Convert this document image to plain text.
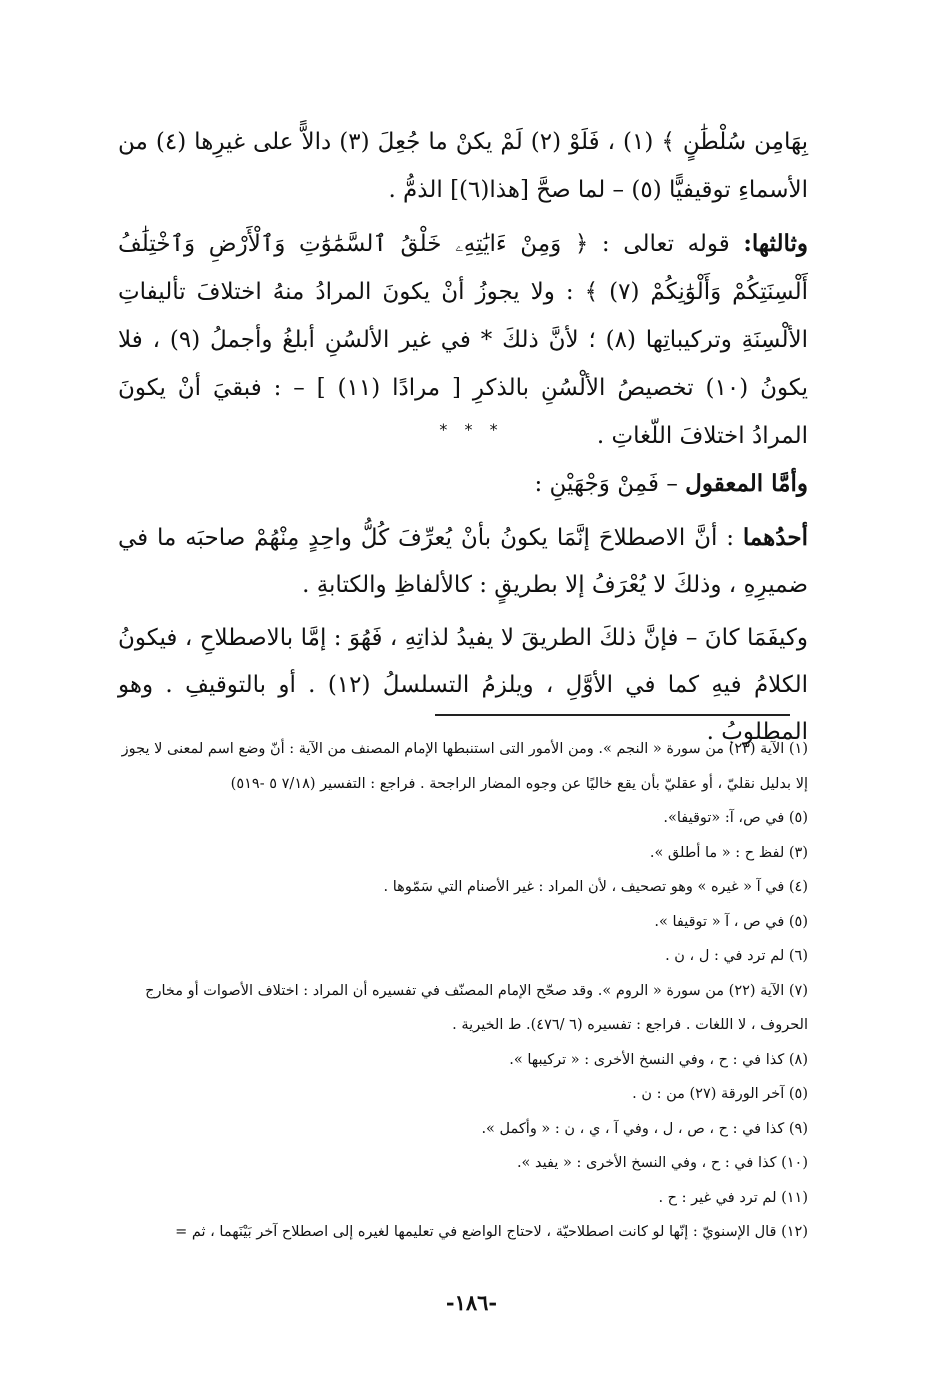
بِهَامِن سُلْطَٰنٍ ﴾ (١) ، فَلَوْ (٢) لَمْ يكنْ ما جُعِلَ (٣) دالاًّ على غيرِها (٤) من الأسماءِ توقيفيًّا (٥) – لما صحَّ [هذا(٦)] الذمُّ .

وثالثها: قوله تعالى : ﴿ وَمِنْ ءَايَٰتِهِۦ خَلْقُ ٱلسَّمَٰوَٰتِ وَٱلْأَرْضِ وَٱخْتِلَٰفُ أَلْسِنَتِكُمْ وَأَلْوَٰنِكُمْ (٧) ﴾ : ولا يجوزُ أنْ يكونَ المرادُ منهُ اختلافَ تأليفاتِ الألْسِنَةِ وتركيباتِها (٨) ؛ لأنَّ ذلكَ * في غير الألسُنِ أبلغُ وأجملُ (٩) ، فلا يكونُ (١٠) تخصيصُ الألْسُنِ بالذكرِ [ مرادًا (١١) ] – : فبقيَ أنْ يكونَ المرادُ اختلافَ اللّغاتِ .

* * *

وأمَّا المعقول – فَمِنْ وَجْهَيْنِ :

أحدُهما : أنَّ الاصطلاحَ إنَّمَا يكونُ بأنْ يُعرِّفَ كُلُّ واحِدٍ مِنْهُمْ صاحبَه ما في ضميرِهِ ، وذلكَ لا يُعْرَفُ إلا بطريقٍ : كالألفاظِ والكتابةِ .

وكيفَمَا كانَ – فإنَّ ذلكَ الطريقَ لا يفيدُ لذاتِهِ ، فَهُوَ : إمَّا بالاصطلاحِ ، فيكونُ الكلامُ فيهِ كما في الأوَّلِ ، ويلزمُ التسلسلُ (١٢) . أو بالتوقيفِ . وهو المطلوبُ .

(١) الآية (٢٣) من سورة « النجم ». ومن الأمور التى استنبطها الإمام المصنف من الآية : أنّ وضع اسم لمعنى لا يجوز إلا بدليل نقليّ ، أو عقليّ بأن يقع خاليًا عن وجوه المضار الراجحة . فراجع : التفسير (٧/١٨ ٥ -٥١٩)

(٥) في ص، آ: «توقيفا».

(٣) لفظ ح : « ما أطلق ».

(٤) في آ « غيره » وهو تصحيف ، لأن المراد : غير الأصنام التي سَمّوها .

(٥) في ص ، آ « توقيفا ».

(٦) لم ترد في : ل ، ن .

(٧) الآية (٢٢) من سورة « الروم ». وقد صحّح الإمام المصنّف في تفسيره أن المراد : اختلاف الأصوات أو مخارج الحروف ، لا اللغات . فراجع : تفسيره (٦ /٤٧٦). ط الخيرية .

(٨) كذا في : ح ، وفي النسخ الأخرى : « تركيبها ».

(٥) آخر الورقة (٢٧) من : ن .

(٩) كذا في : ح ، ص ، ل ، وفي آ ، ي ، ن : « وأكمل ».

(١٠) كذا في : ح ، وفي النسخ الأخرى : « يفيد ».

(١١) لم ترد في غير : ح .

(١٢) قال الإسنويّ : إنّها لو كانت اصطلاحيّة ، لاحتاج الواضع في تعليمها لغيره إلى اصطلاح آخر بَيْنَهما ، ثم =

-١٨٦-
